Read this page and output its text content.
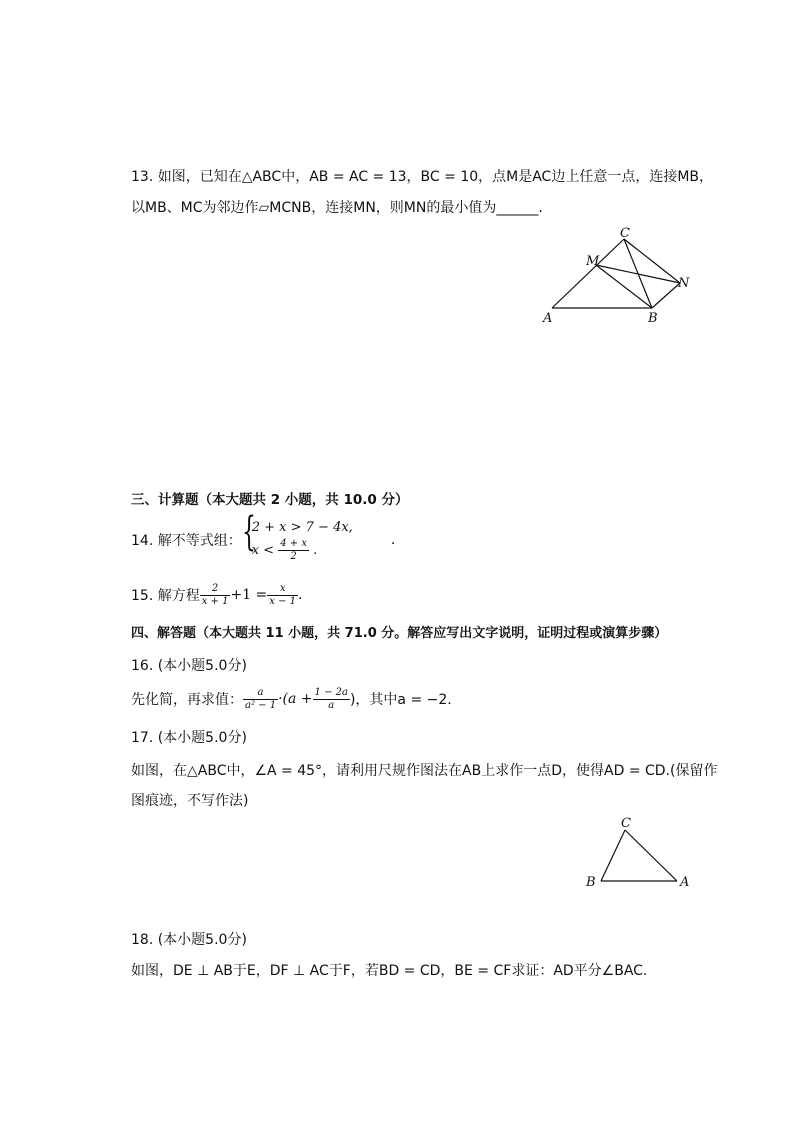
13. 如图，已知在△ABC中，AB = AC = 13，BC = 10，点M是AC边上任意一点，连接MB，
以MB、MC为邻边作▱MCNB，连接MN，则MN的最小值为______．
C
M
N
A	B
三、计算题（本大题共 2 小题，共 10.0 分）
14. 解不等式组： {
2 + x > 7 − 4x,
$x < \frac{4 + x}{2}$ .
.
15. 解方程 $\frac{2}{x + 1} +1 = \frac{x}{x - 1}$ .
四、解答题（本大题共 11 小题，共 71.0 分。解答应写出文字说明，证明过程或演算步骤）
16. (本小题5.0分)
先化简，再求值： $\frac{a}{\text{a² − 1}} \cdot(a + \frac{1 - 2a}{a}$ )，其中a = −2.
17. (本小题5.0分)
如图，在△ABC中，∠A = 45°，请利用尺规作图法在AB上求作一点D，使得AD = CD.(保留作
图痕迹，不写作法)
C
B	A
18. (本小题5.0分)
如图，DE ⊥ AB于E，DF ⊥ AC于F，若BD = CD，BE = CF求证：AD平分∠BAC.
